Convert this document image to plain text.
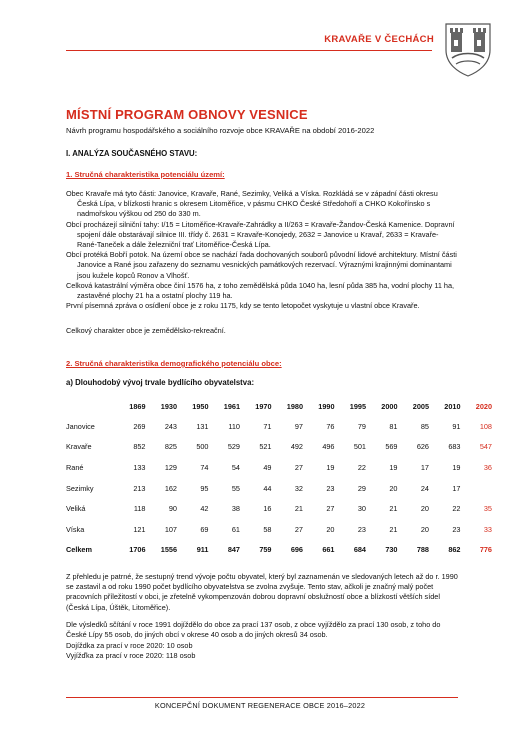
KRAVAŘE V ČECHÁCH
MÍSTNÍ PROGRAM OBNOVY VESNICE
Návrh programu hospodářského a sociálního rozvoje obce KRAVAŘE na období 2016-2022
I. ANALÝZA SOUČASNÉHO STAVU:
1. Stručná charakteristika potenciálu území:

Obec Kravaře má tyto části: Janovice, Kravaře, Rané, Sezimky, Veliká a Víska. Rozkládá se v západní části okresu Česká Lípa, v blízkosti hranic s okresem Litoměřice, v pásmu CHKO České Středohoří a CHKO Kokořínsko s nadmořskou výškou od 250 do 330 m.

Obcí procházejí silniční tahy: I/15 = Litoměřice-Kravaře-Zahrádky a II/263 = Kravaře-Žandov-Česká Kamenice. Dopravní spojení dále obstarávají silnice III. třídy č. 2631 = Kravaře-Konojedy, 2632 = Janovice u Kravař, 2633 = Kravaře-Rané-Taneček a dále železniční trať Litoměřice-Česká Lípa.

Obcí protéká Bobří potok. Na území obce se nachází řada dochovaných souborů původní lidové architektury. Místní části Janovice a Rané jsou zařazeny do seznamu vesnických památkových rezervací. Výraznými krajinnými dominantami jsou kužele kopců Ronov a Vlhošť.

Celková katastrální výměra obce činí 1576 ha, z toho zemědělská půda 1040 ha, lesní půda 385 ha, vodní plochy 11 ha, zastavěné plochy 21 ha a ostatní plochy 119 ha.

První písemná zpráva o osídlení obce je z roku 1175, kdy se tento letopočet vyskytuje u vlastní obce Kravaře.

Celkový charakter obce je zemědělsko-rekreační.
2. Stručná charakteristika demografického potenciálu obce:
a) Dlouhodobý vývoj trvale bydlícího obyvatelstva:
	1869	1930	1950	1961	1970	1980	1990	1995	2000	2005	2010	2020
Janovice	269	243	131	110	71	97	76	79	81	85	91	108
Kravaře	852	825	500	529	521	492	496	501	569	626	683	547
Rané	133	129	74	54	49	27	19	22	19	17	19	36
Sezimky	213	162	95	55	44	32	23	29	20	24	17	
Veliká	118	90	42	38	16	21	27	30	21	20	22	35
Víska	121	107	69	61	58	27	20	23	21	20	23	33
Celkem	1706	1556	911	847	759	696	661	684	730	788	862	776
Z přehledu je patrné, že sestupný trend vývoje počtu obyvatel, který byl zaznamenán ve sledovaných letech až do r. 1990 se zastavil a od roku 1990 počet bydlícího obyvatelstva se zvolna zvyšuje. Tento stav, ačkoli je značný malý počet pracovních příležitostí v obci, je zřetelně vykompenzován dobrou dopravní obslužností obce a blízkostí větších sídel (Česká Lípa, Úštěk, Litoměřice).
Dle výsledků sčítání v roce 1991 dojíždělo do obce za prací 137 osob, z obce vyjíždělo za prací 130 osob, z toho do České Lípy 55 osob, do jiných obcí v okrese 40 osob a do jiných okresů 34 osob.
Dojíždka za prací v roce 2020: 10 osob
Vyjížďka za prací v roce 2020: 118 osob
KONCEPČNÍ DOKUMENT REGENERACE OBCE 2016–2022
